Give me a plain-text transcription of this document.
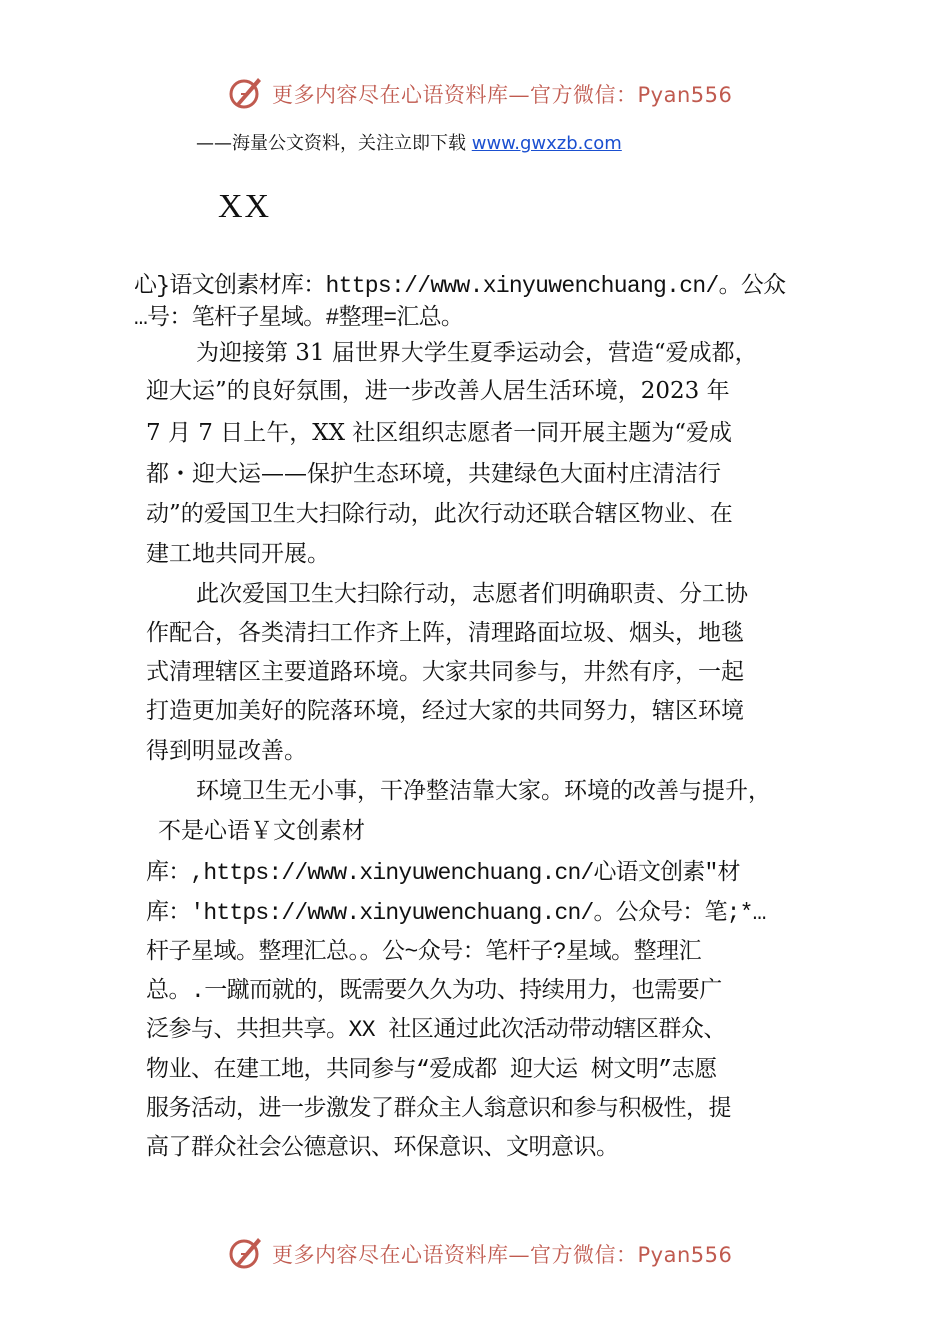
更多内容尽在心语资料库—官方微信：Pyan556
——海量公文资料，关注立即下载 www.gwxzb.com
XX
心}语文创素材库：https://www.xinyuwenchuang.cn/。公众
…号：笔杆子星域。#整理=汇总。
为迎接第 31 届世界大学生夏季运动会，营造“爱成都，
迎大运”的良好氛围，进一步改善人居生活环境，2023 年
7 月 7 日上午，XX 社区组织志愿者一同开展主题为“爱成
都・迎大运——保护生态环境，共建绿色大面村庄清洁行
动”的爱国卫生大扫除行动，此次行动还联合辖区物业、在
建工地共同开展。
此次爱国卫生大扫除行动，志愿者们明确职责、分工协
作配合，各类清扫工作齐上阵，清理路面垃圾、烟头，地毯
式清理辖区主要道路环境。大家共同参与，井然有序，一起
打造更加美好的院落环境，经过大家的共同努力，辖区环境
得到明显改善。
环境卫生无小事，干净整洁靠大家。环境的改善与提升，
不是心语￥文创素材
库：,https://www.xinyuwenchuang.cn/心语文创素"材
库：'https://www.xinyuwenchuang.cn/。公众号：笔;*…
杆子星域。整理汇总。。公~众号：笔杆子?星域。整理汇
总。.一蹴而就的，既需要久久为功、持续用力，也需要广
泛参与、共担共享。XX 社区通过此次活动带动辖区群众、
物业、在建工地，共同参与“爱成都 迎大运 树文明”志愿
服务活动，进一步激发了群众主人翁意识和参与积极性，提
高了群众社会公德意识、环保意识、文明意识。
更多内容尽在心语资料库—官方微信：Pyan556
